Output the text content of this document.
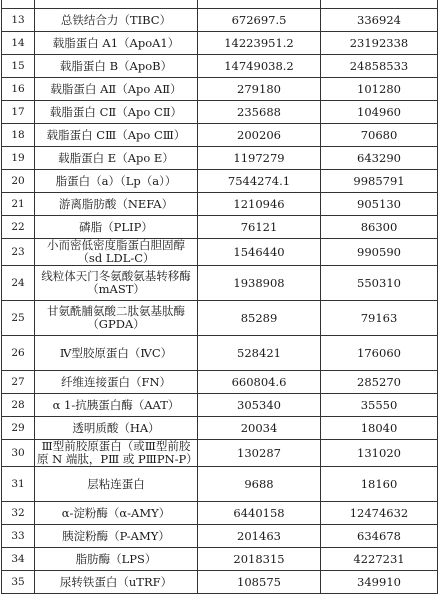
13	总铁结合力（TIBC）	672697.5	336924
14	载脂蛋白 A1（ApoA1）	14223951.2	23192338
15	载脂蛋白 B（ApoB）	14749038.2	24858533
16	载脂蛋白 AⅡ（Apo AⅡ）	279180	101280
17	载脂蛋白 CⅡ（Apo CⅡ）	235688	104960
18	载脂蛋白 CⅢ（Apo CⅢ）	200206	70680
19	载脂蛋白 E（Apo E）	1197279	643290
20	脂蛋白（a）（Lp（a））	7544274.1	9985791
21	游离脂肪酸（NEFA）	1210946	905130
22	磷脂（PLIP）	76121	86300
23	小而密低密度脂蛋白胆固醇（sd LDL-C）	1546440	990590
24	线粒体天门冬氨酸氨基转移酶（mAST）	1938908	550310
25	甘氨酰脯氨酸二肽氨基肽酶（GPDA）	85289	79163
26	Ⅳ型胶原蛋白（ⅣC）	528421	176060
27	纤维连接蛋白（FN）	660804.6	285270
28	α 1-抗胰蛋白酶（AAT）	305340	35550
29	透明质酸（HA）	20034	18040
30	Ⅲ型前胶原蛋白（或Ⅲ型前胶原 N 端肽，PⅢ 或 PⅢPN-P）	130287	131020
31	层粘连蛋白	9688	18160
32	α-淀粉酶（α-AMY）	6440158	12474632
33	胰淀粉酶（P-AMY）	201463	634678
34	脂肪酶（LPS）	2018315	4227231
35	尿转铁蛋白（uTRF）	108575	349910
